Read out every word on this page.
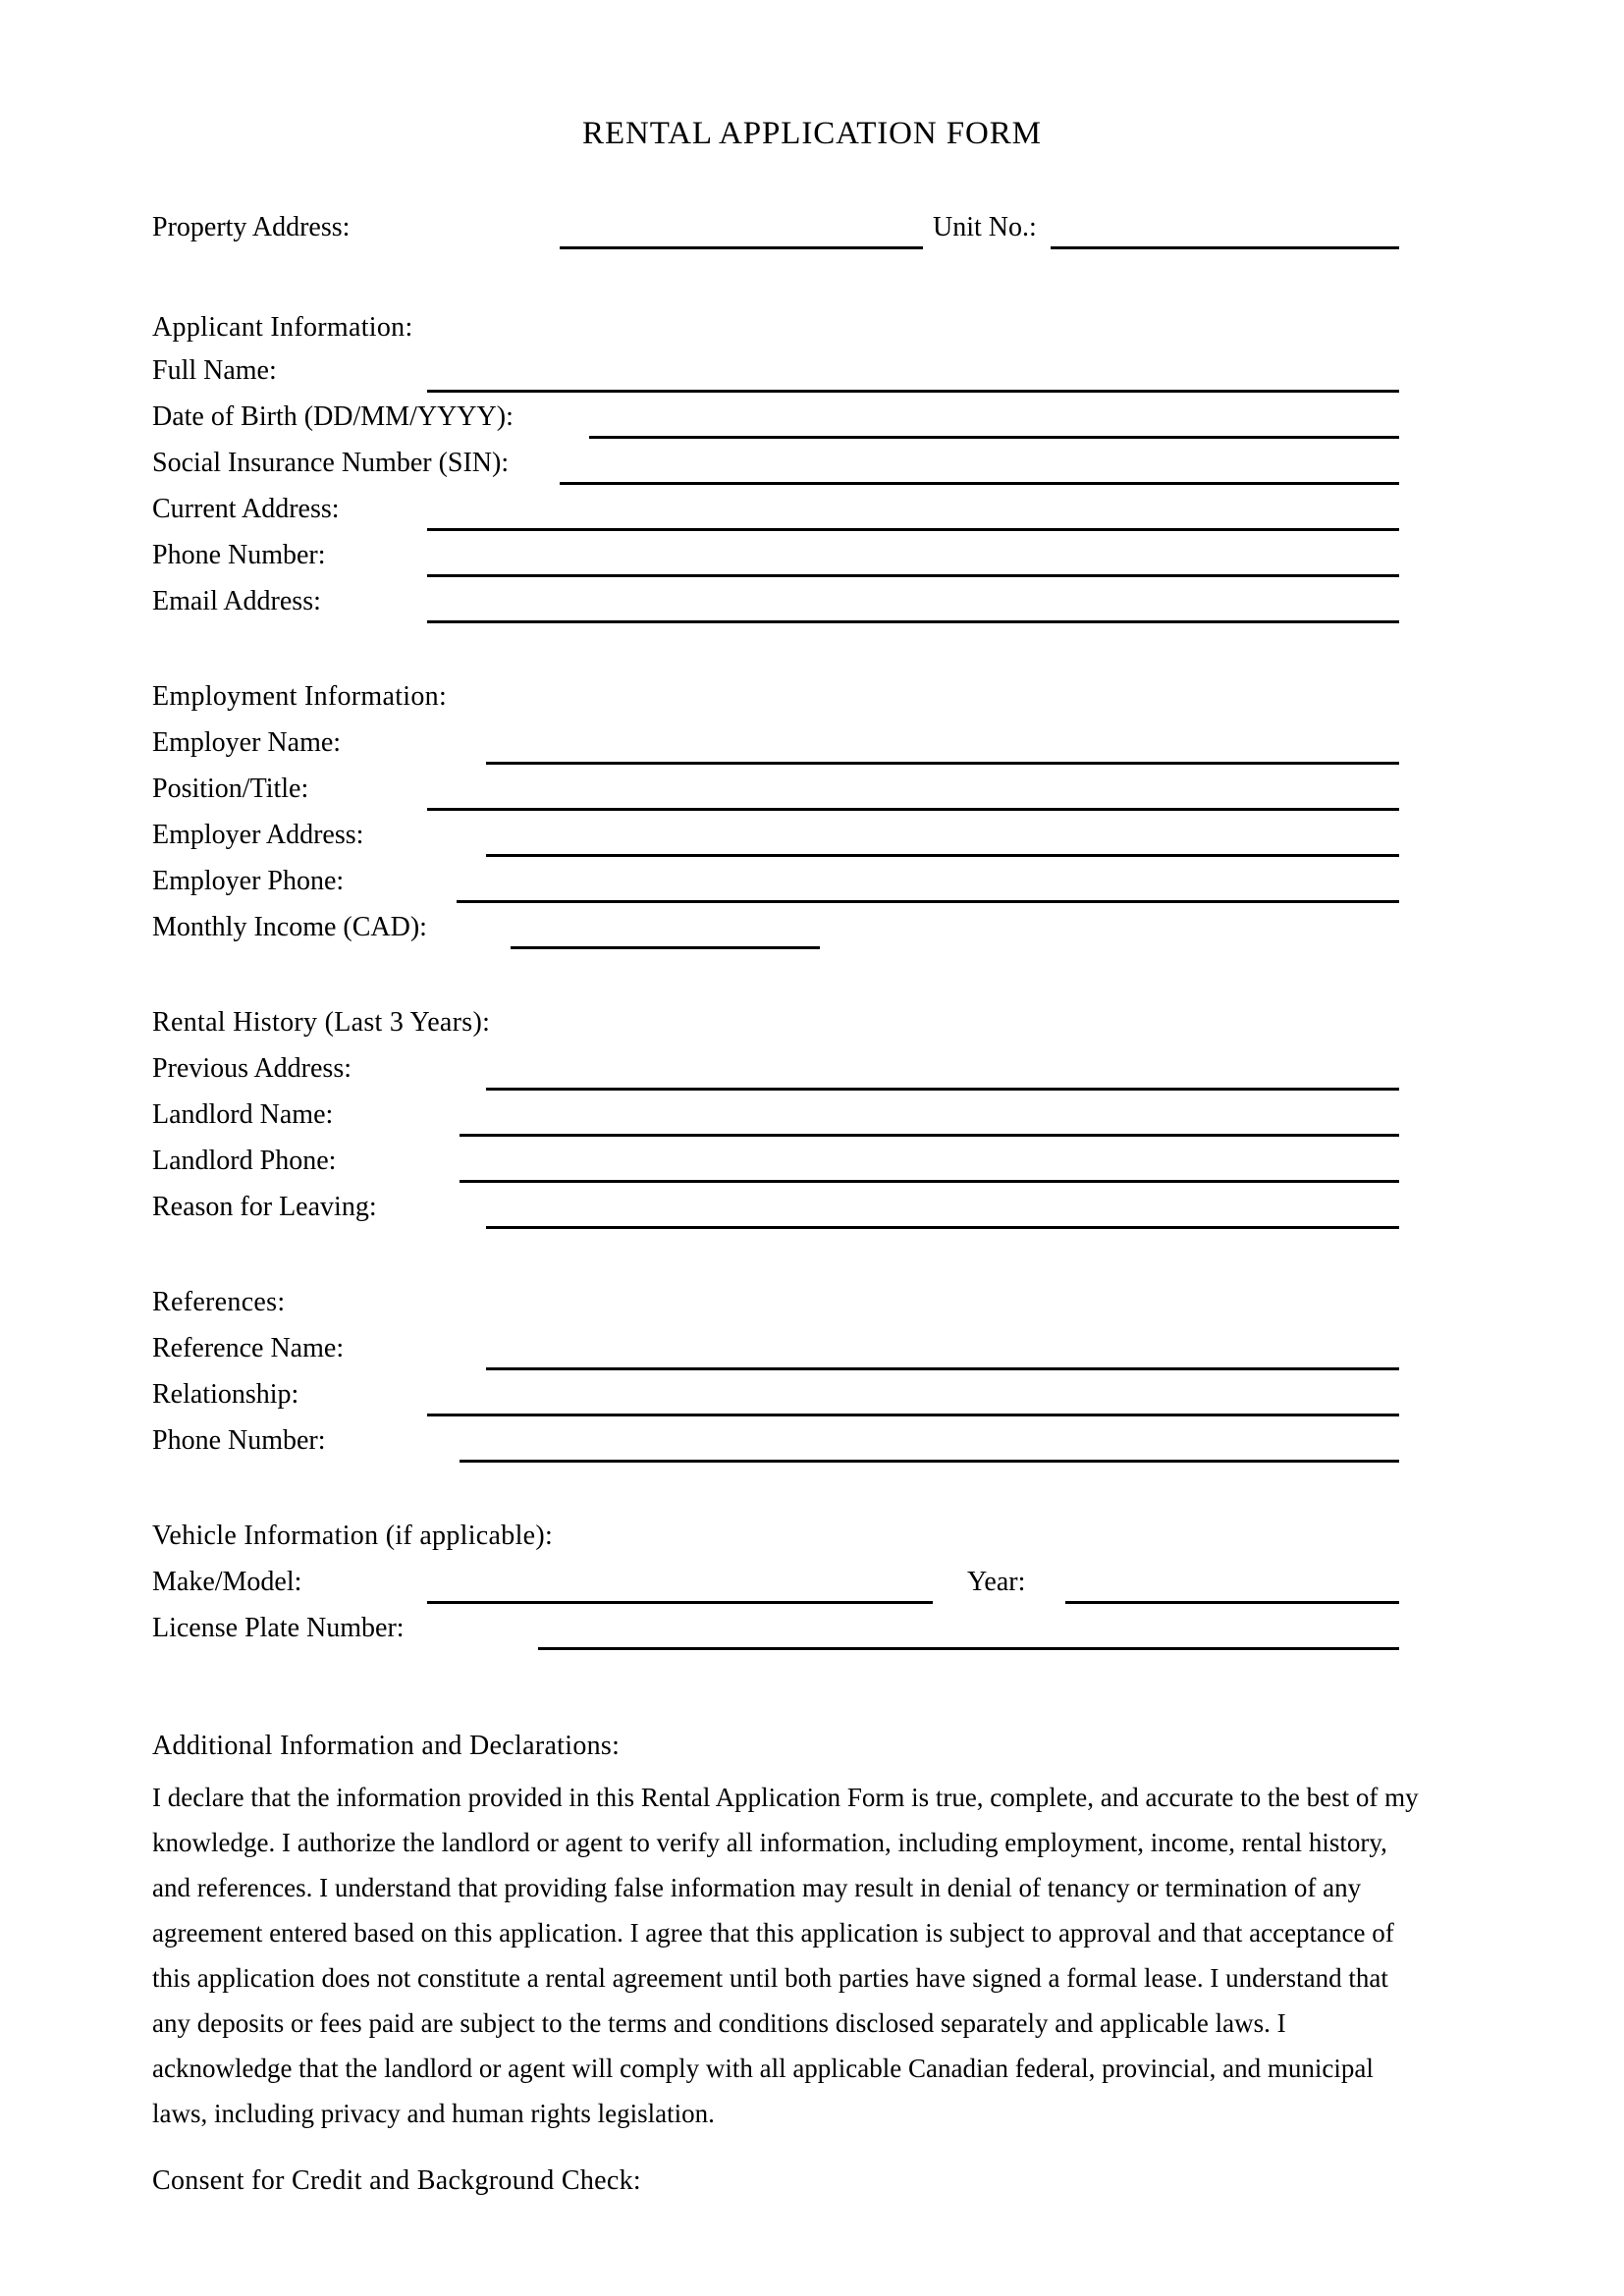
RENTAL APPLICATION FORM
Property Address:	Unit No.:
Applicant Information:
Full Name:
Date of Birth (DD/MM/YYYY):
Social Insurance Number (SIN):
Current Address:
Phone Number:
Email Address:
Employment Information:
Employer Name:
Position/Title:
Employer Address:
Employer Phone:
Monthly Income (CAD):
Rental History (Last 3 Years):
Previous Address:
Landlord Name:
Landlord Phone:
Reason for Leaving:
References:
Reference Name:
Relationship:
Phone Number:
Vehicle Information (if applicable):
Make/Model:	Year:
License Plate Number:
Additional Information and Declarations:
I declare that the information provided in this Rental Application Form is true, complete, and accurate to the best of my
knowledge. I authorize the landlord or agent to verify all information, including employment, income, rental history,
and references. I understand that providing false information may result in denial of tenancy or termination of any
agreement entered based on this application. I agree that this application is subject to approval and that acceptance of
this application does not constitute a rental agreement until both parties have signed a formal lease. I understand that
any deposits or fees paid are subject to the terms and conditions disclosed separately and applicable laws. I
acknowledge that the landlord or agent will comply with all applicable Canadian federal, provincial, and municipal
laws, including privacy and human rights legislation.
Consent for Credit and Background Check:
